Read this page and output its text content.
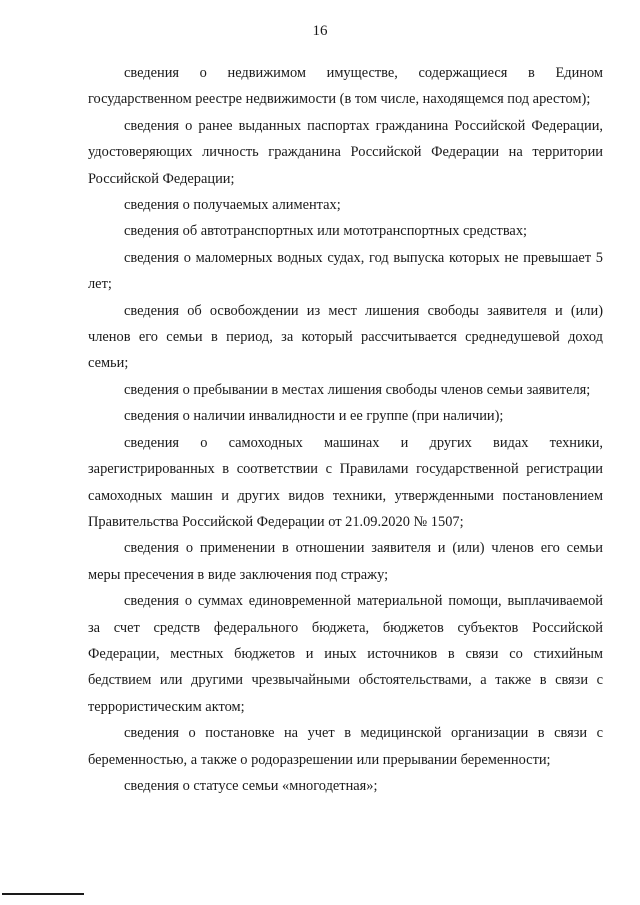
16

сведения о недвижимом имуществе, содержащиеся в Едином государственном реестре недвижимости (в том числе, находящемся под арестом);

сведения о ранее выданных паспортах гражданина Российской Федерации, удостоверяющих личность гражданина Российской Федерации на территории Российской Федерации;

сведения о получаемых алиментах;

сведения об автотранспортных или мототранспортных средствах;

сведения о маломерных водных судах, год выпуска которых не превышает 5 лет;

сведения об освобождении из мест лишения свободы заявителя и (или) членов его семьи в период, за который рассчитывается среднедушевой доход семьи;

сведения о пребывании в местах лишения свободы членов семьи заявителя;

сведения о наличии инвалидности и ее группе (при наличии);

сведения о самоходных машинах и других видах техники, зарегистрированных в соответствии с Правилами государственной регистрации самоходных машин и других видов техники, утвержденными постановлением Правительства Российской Федерации от 21.09.2020 № 1507;

сведения о применении в отношении заявителя и (или) членов его семьи меры пресечения в виде заключения под стражу;

сведения о суммах единовременной материальной помощи, выплачиваемой за счет средств федерального бюджета, бюджетов субъектов Российской Федерации, местных бюджетов и иных источников в связи со стихийным бедствием или другими чрезвычайными обстоятельствами, а также в связи с террористическим актом;

сведения о постановке на учет в медицинской организации в связи с беременностью, а также о родоразрешении или прерывании беременности;

сведения о статусе семьи «многодетная»;
